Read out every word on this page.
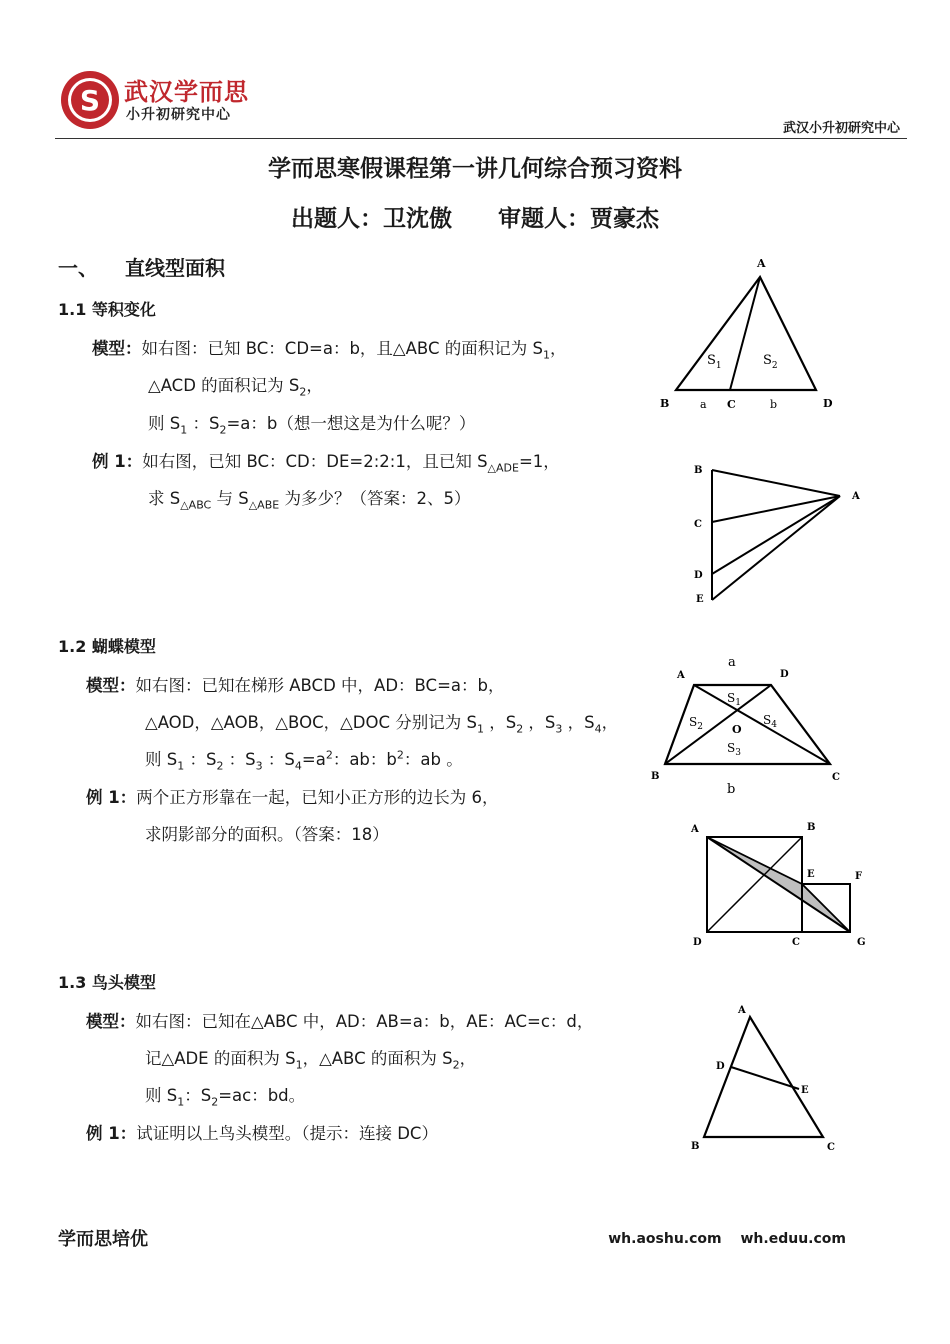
S 武汉学而思
小升初研究中心
武汉小升初研究中心
学而思寒假课程第一讲几何综合预习资料
出题人：卫沈傲　　审题人：贾豪杰
一、 直线型面积
1.1 等积变化
模型：如右图：已知 BC：CD=a：b，且△ABC 的面积记为 $S_1$，
△ACD 的面积记为 $S_2$，
则 $S_1$ ：$S_2=a$：b（想一想这是为什么呢？）
例 1：如右图，已知 BC：CD：DE=2:2:1，且已知 $S_{\triangle ADE}=1$，
求 $S_{\triangle ABC}$ 与 $S_{\triangle ABE}$ 为多少？（答案：2、5）
A
B	C	D
a	b
$S_1$	$S_2$
B
C
D
E
A
1.2 蝴蝶模型
模型：如右图：已知在梯形 ABCD 中，AD：BC=a：b，
△AOD，△AOB，△BOC，△DOC 分别记为 $S_1$ ，$S_2$ ，$S_3$ ，$S_4$，
则 $S_1$ ：$S_2$ ：$S_3$ ：$S_4=a^2$：ab：$b^2$：ab 。
例 1：两个正方形靠在一起，已知小正方形的边长为 6，
求阴影部分的面积。（答案：18）
a
b
A	D
B	C
O
$S_1$
$S_2$
$S_3$
$S_4$
A	B
E	F
D	C	G
1.3 鸟头模型
模型：如右图：已知在△ABC 中，AD：AB=a：b，AE：AC=c：d，
记△ADE 的面积为 $S_1$，△ABC 的面积为 $S_2$，
则 $S_1$：$S_2=ac$：bd。
例 1：试证明以上鸟头模型。（提示：连接 DC）
A
D
E
B	C
学而思培优	wh.aoshu.com　 wh.eduu.com
